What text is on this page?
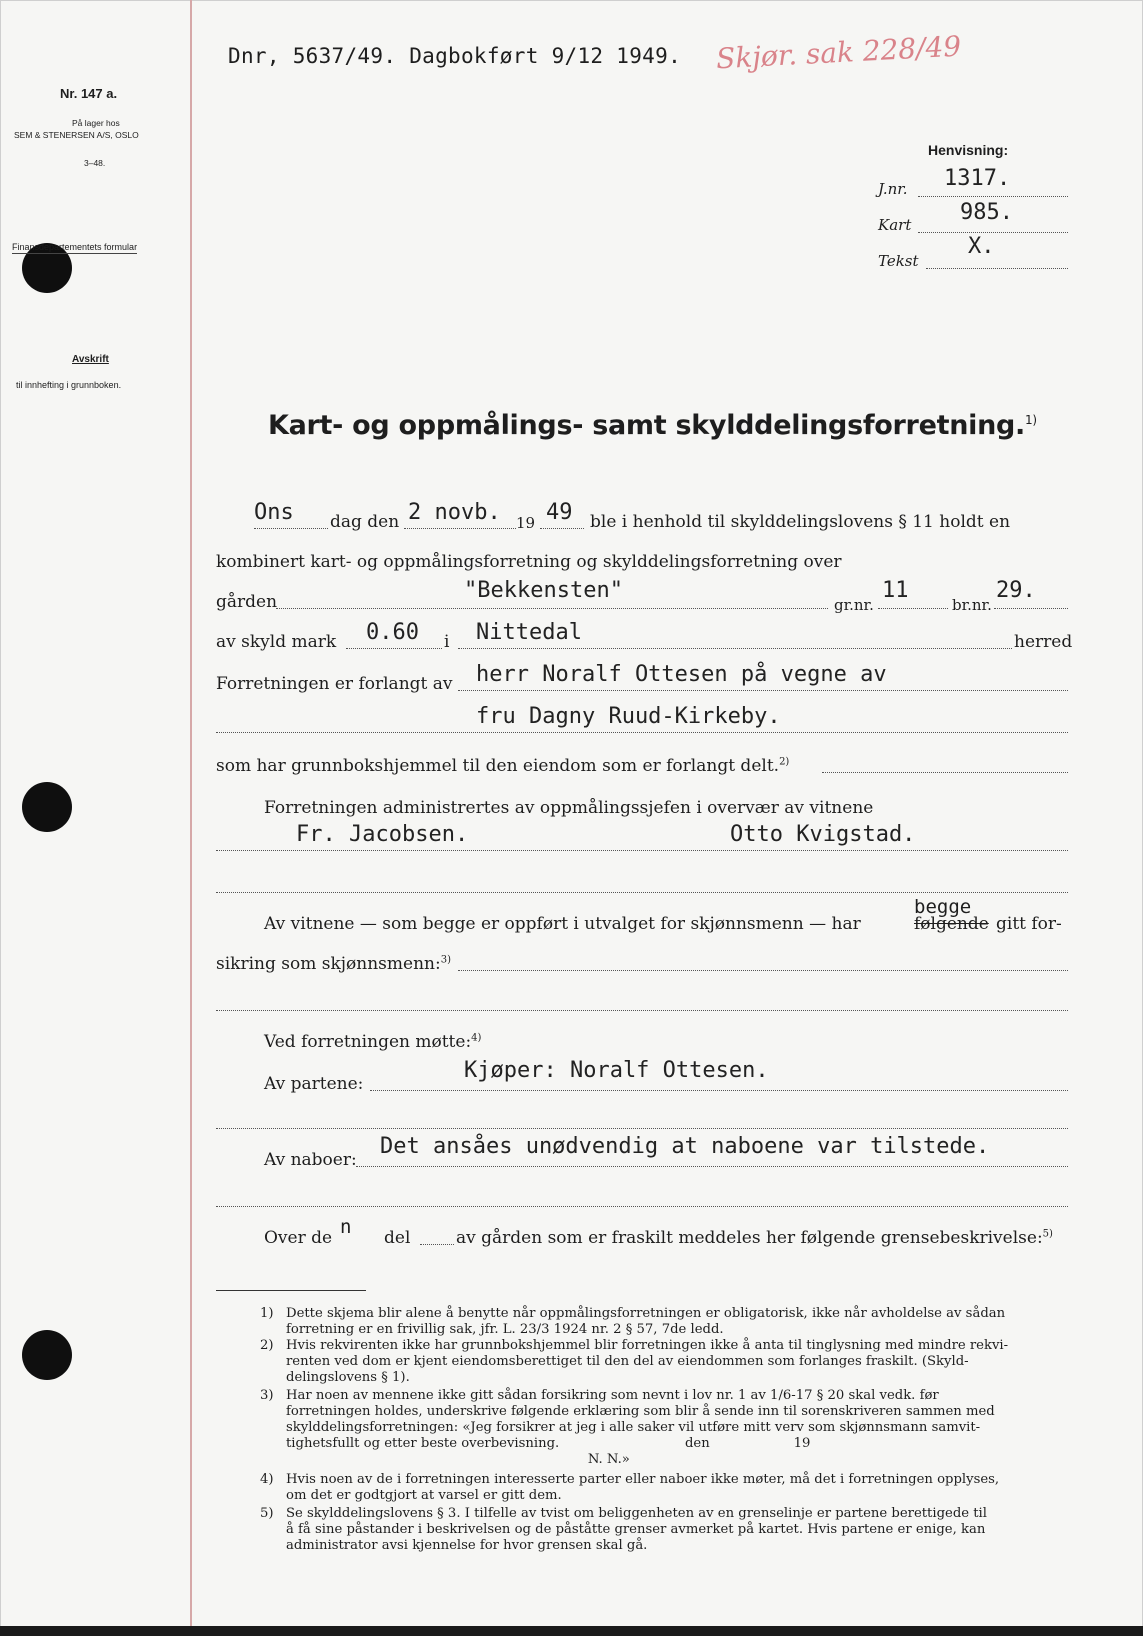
Dnr, 5637/49. Dagbokført 9/12 1949. Skjør. sak 228/49
Nr. 147 a.
På lager hos
SEM & STENERSEN A/S, OSLO
3–48.
Finansdepartementets formular
Avskrift
til innhefting i grunnboken.
Henvisning:
J.nr. 1317.
Kart 985.
Tekst
X.
Kart- og oppmålings- samt skylddelingsforretning.$^{1)}$
Ons dag den 2 novb. 19 49 ble i henhold til skylddelingslovens § 11 holdt en
kombinert kart- og oppmålingsforretning og skylddelingsforretning over
gården	"Bekkensten"
gr.nr.
11
br.nr.
29.
av skyld mark 0.60 i Nittedal	herred
Forretningen er forlangt av herr Noralf Ottesen på vegne av
fru Dagny Ruud-Kirkeby.
som har grunnbokshjemmel til den eiendom som er forlangt delt.$^{2)}$
Forretningen administrertes av oppmålingssjefen i overvær av vitnene
Fr. Jacobsen.	Otto Kvigstad.
Av vitnene — som begge er oppført i utvalget for skjønnsmenn — har	følgende
begge
gitt for-
sikring som skjønnsmenn:$^{3)}$
Ved forretningen møtte:$^{4)}$
Av partene:
Kjøper: Noralf Ottesen.
Av naboer:
Det ansåes unødvendig at naboene var tilstede.
Over de n del	av gården som er fraskilt meddeles her følgende grensebeskrivelse:$^{5)}$
1) Dette skjema blir alene å benytte når oppmålingsforretningen er obligatorisk, ikke når avholdelse av sådan
forretning er en frivillig sak, jfr. L. 23/3 1924 nr. 2 § 57, 7de ledd.
2) Hvis rekvirenten ikke har grunnbokshjemmel blir forretningen ikke å anta til tinglysning med mindre rekvi-
renten ved dom er kjent eiendomsberettiget til den del av eiendommen som forlanges fraskilt. (Skyld-
delingslovens § 1).
3) Har noen av mennene ikke gitt sådan forsikring som nevnt i lov nr. 1 av 1/6-17 § 20 skal vedk. før
forretningen holdes, underskrive følgende erklæring som blir å sende inn til sorenskriveren sammen med
skylddelingsforretningen: «Jeg forsikrer at jeg i alle saker vil utføre mitt verv som skjønnsmann samvit-
tighetsfullt og etter beste overbevisning.                              den                    19
N. N.»
4) Hvis noen av de i forretningen interesserte parter eller naboer ikke møter, må det i forretningen opplyses,
om det er godtgjort at varsel er gitt dem.
5) Se skylddelingslovens § 3. I tilfelle av tvist om beliggenheten av en grenselinje er partene berettigede til
å få sine påstander i beskrivelsen og de påståtte grenser avmerket på kartet. Hvis partene er enige, kan
administrator avsi kjennelse for hvor grensen skal gå.
